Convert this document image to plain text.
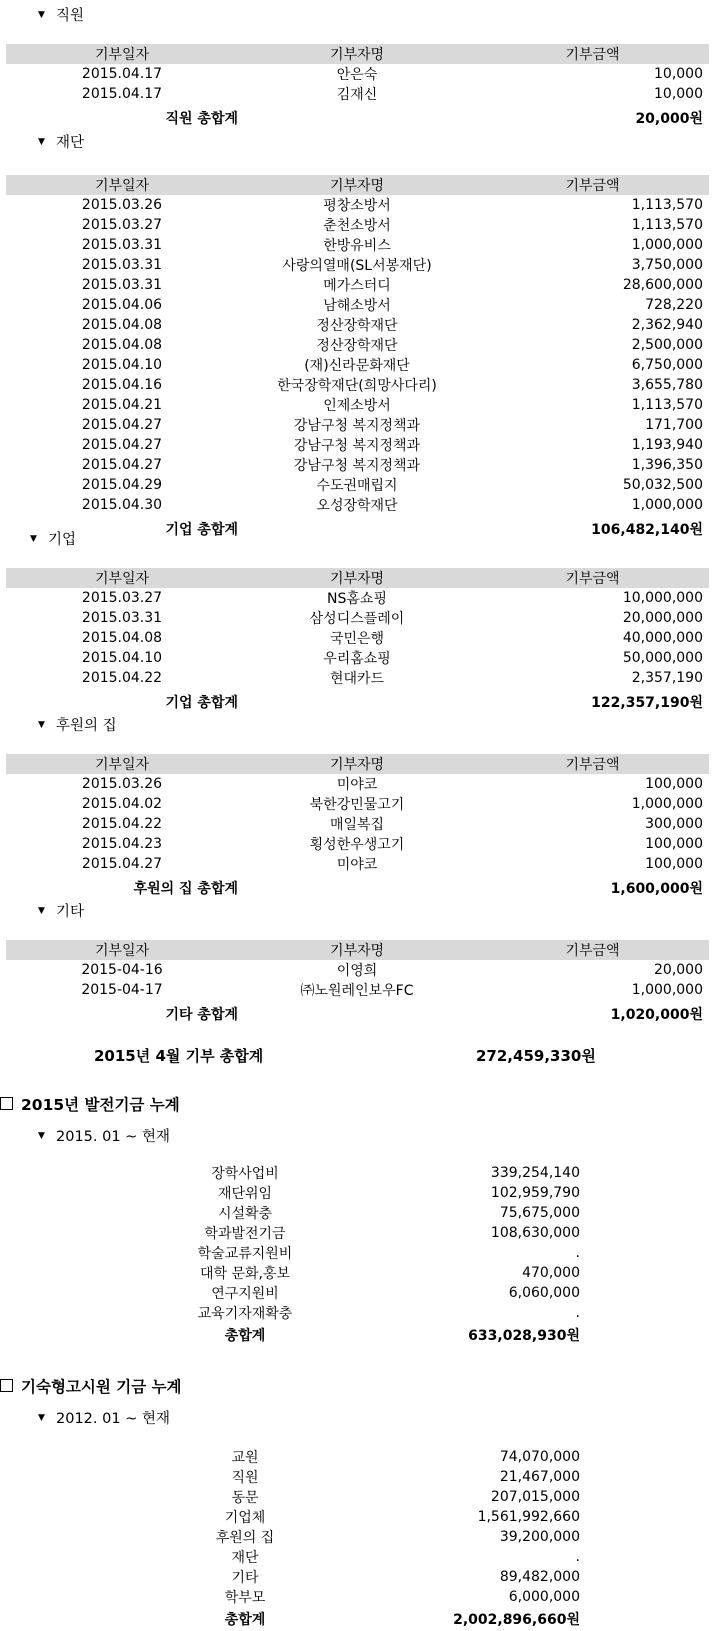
▼ 직원
기부일자	기부자명	기부금액
2015.04.17	안은숙	10,000
2015.04.17	김재신	10,000
직원 총합계		20,000원
▼ 재단
기부일자	기부자명	기부금액
2015.03.26	평창소방서	1,113,570
2015.03.27	춘천소방서	1,113,570
2015.03.31	한방유비스	1,000,000
2015.03.31	사랑의열매(SL서봉재단)	3,750,000
2015.03.31	메가스터디	28,600,000
2015.04.06	남해소방서	728,220
2015.04.08	정산장학재단	2,362,940
2015.04.08	정산장학재단	2,500,000
2015.04.10	(재)신라문화재단	6,750,000
2015.04.16	한국장학재단(희망사다리)	3,655,780
2015.04.21	인제소방서	1,113,570
2015.04.27	강남구청 복지정책과	171,700
2015.04.27	강남구청 복지정책과	1,193,940
2015.04.27	강남구청 복지정책과	1,396,350
2015.04.29	수도권매립지	50,032,500
2015.04.30	오성장학재단	1,000,000
기업 총합계		106,482,140원
▼ 기업
기부일자	기부자명	기부금액
2015.03.27	NS홈쇼핑	10,000,000
2015.03.31	삼성디스플레이	20,000,000
2015.04.08	국민은행	40,000,000
2015.04.10	우리홈쇼핑	50,000,000
2015.04.22	현대카드	2,357,190
기업 총합계		122,357,190원
▼ 후원의 집
기부일자	기부자명	기부금액
2015.03.26	미야코	100,000
2015.04.02	북한강민물고기	1,000,000
2015.04.22	매일복집	300,000
2015.04.23	횡성한우생고기	100,000
2015.04.27	미야코	100,000
후원의 집 총합계		1,600,000원
▼ 기타
기부일자	기부자명	기부금액
2015-04-16	이영희	20,000
2015-04-17	㈜노원레인보우FC	1,000,000
기타 총합계		1,020,000원
2015년 4월 기부 총합계	272,459,330원
2015년 발전기금 누계
▼ 2015. 01 ~ 현재
장학사업비		339,254,140
재단위임		102,959,790
시설확충		75,675,000
학과발전기금		108,630,000
학술교류지원비		.
대학 문화,홍보		470,000
연구지원비		6,060,000
교육기자재확충		.
총합계		633,028,930원
기숙형고시원 기금 누계
▼ 2012. 01 ~ 현재
교원		74,070,000
직원		21,467,000
동문		207,015,000
기업체		1,561,992,660
후원의 집		39,200,000
재단		.
기타		89,482,000
학부모		6,000,000
총합계		2,002,896,660원
